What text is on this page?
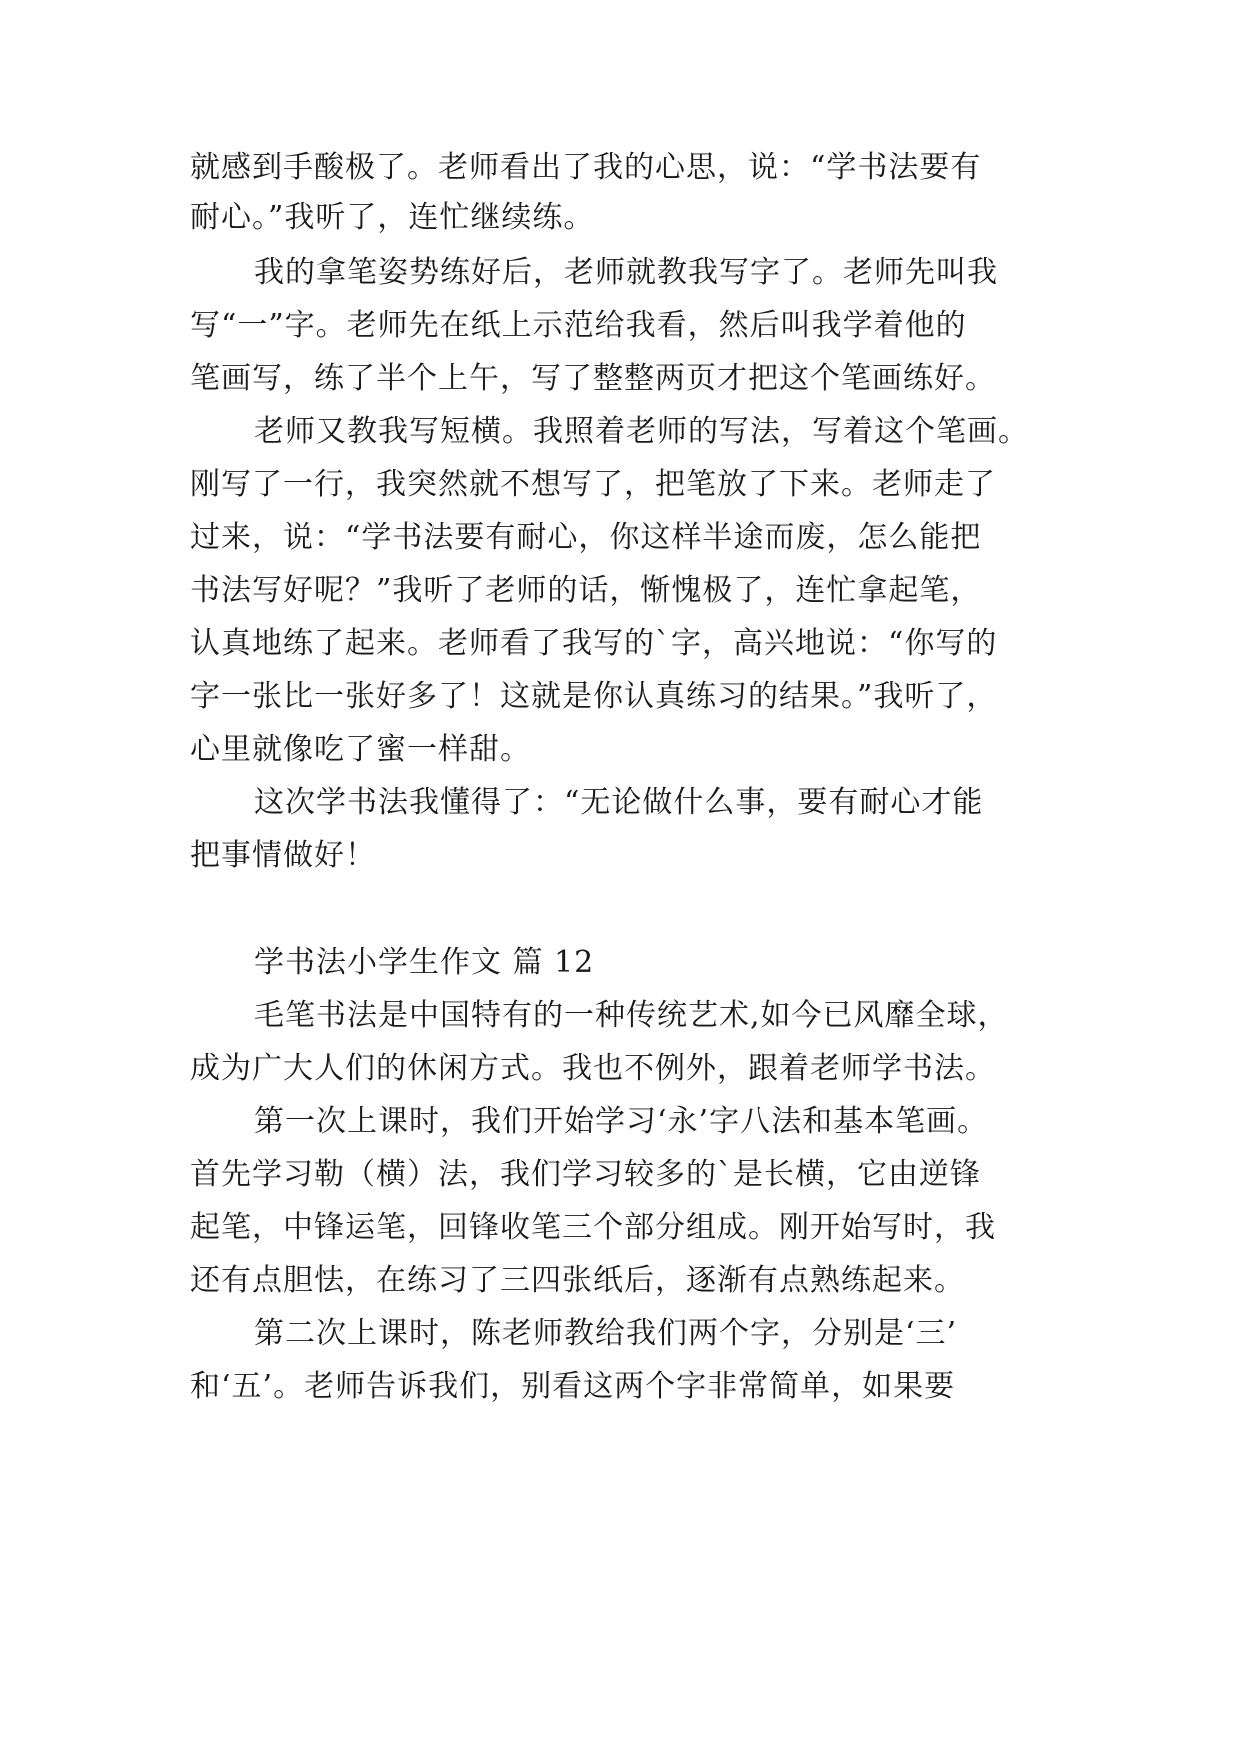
就感到手酸极了。老师看出了我的心思，说：“学书法要有
耐心。”我听了，连忙继续练。
我的拿笔姿势练好后，老师就教我写字了。老师先叫我
写“一”字。老师先在纸上示范给我看，然后叫我学着他的
笔画写，练了半个上午，写了整整两页才把这个笔画练好。
老师又教我写短横。我照着老师的写法，写着这个笔画。
刚写了一行，我突然就不想写了，把笔放了下来。老师走了
过来，说：“学书法要有耐心，你这样半途而废，怎么能把
书法写好呢？”我听了老师的话，惭愧极了，连忙拿起笔，
认真地练了起来。老师看了我写的`字，高兴地说：“你写的
字一张比一张好多了！这就是你认真练习的结果。”我听了，
心里就像吃了蜜一样甜。
这次学书法我懂得了：“无论做什么事，要有耐心才能
把事情做好！
学书法小学生作文 篇 12
毛笔书法是中国特有的一种传统艺术,如今已风靡全球，
成为广大人们的休闲方式。我也不例外，跟着老师学书法。
第一次上课时，我们开始学习‘永’字八法和基本笔画。
首先学习勒（横）法，我们学习较多的`是长横，它由逆锋
起笔，中锋运笔，回锋收笔三个部分组成。刚开始写时，我
还有点胆怯，在练习了三四张纸后，逐渐有点熟练起来。
第二次上课时，陈老师教给我们两个字，分别是‘三’
和‘五’。老师告诉我们，别看这两个字非常简单，如果要
